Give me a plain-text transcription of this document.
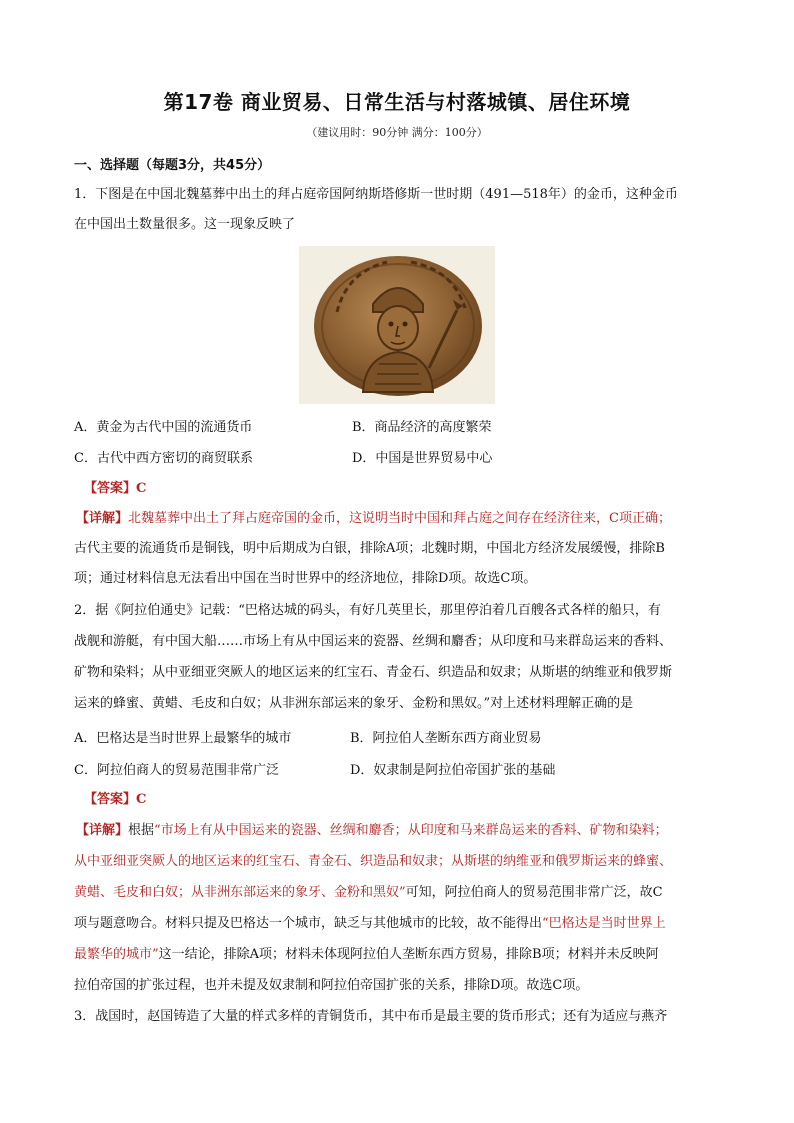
第17卷 商业贸易、日常生活与村落城镇、居住环境
（建议用时：90分钟 满分：100分）
一、选择题（每题3分，共45分）
1．下图是在中国北魏墓葬中出土的拜占庭帝国阿纳斯塔修斯一世时期（491—518年）的金币，这种金币
在中国出土数量很多。这一现象反映了
A．黄金为古代中国的流通货币	B．商品经济的高度繁荣
C．古代中西方密切的商贸联系	D．中国是世界贸易中心
【答案】C
【详解】北魏墓葬中出土了拜占庭帝国的金币，这说明当时中国和拜占庭之间存在经济往来，C项正确；
古代主要的流通货币是铜钱，明中后期成为白银，排除A项；北魏时期，中国北方经济发展缓慢，排除B
项；通过材料信息无法看出中国在当时世界中的经济地位，排除D项。故选C项。
2．据《阿拉伯通史》记载：“巴格达城的码头，有好几英里长，那里停泊着几百艘各式各样的船只，有
战舰和游艇，有中国大船……市场上有从中国运来的瓷器、丝绸和麝香；从印度和马来群岛运来的香料、
矿物和染料；从中亚细亚突厥人的地区运来的红宝石、青金石、织造品和奴隶；从斯堪的纳维亚和俄罗斯
运来的蜂蜜、黄蜡、毛皮和白奴；从非洲东部运来的象牙、金粉和黑奴。”对上述材料理解正确的是
A．巴格达是当时世界上最繁华的城市	B．阿拉伯人垄断东西方商业贸易
C．阿拉伯商人的贸易范围非常广泛	D．奴隶制是阿拉伯帝国扩张的基础
【答案】C
【详解】根据“市场上有从中国运来的瓷器、丝绸和麝香；从印度和马来群岛运来的香料、矿物和染料；
从中亚细亚突厥人的地区运来的红宝石、青金石、织造品和奴隶；从斯堪的纳维亚和俄罗斯运来的蜂蜜、
黄蜡、毛皮和白奴；从非洲东部运来的象牙、金粉和黑奴”可知，阿拉伯商人的贸易范围非常广泛，故C
项与题意吻合。材料只提及巴格达一个城市，缺乏与其他城市的比较，故不能得出“巴格达是当时世界上
最繁华的城市”这一结论，排除A项；材料未体现阿拉伯人垄断东西方贸易，排除B项；材料并未反映阿
拉伯帝国的扩张过程，也并未提及奴隶制和阿拉伯帝国扩张的关系，排除D项。故选C项。
3．战国时，赵国铸造了大量的样式多样的青铜货币，其中布币是最主要的货币形式；还有为适应与燕齐
